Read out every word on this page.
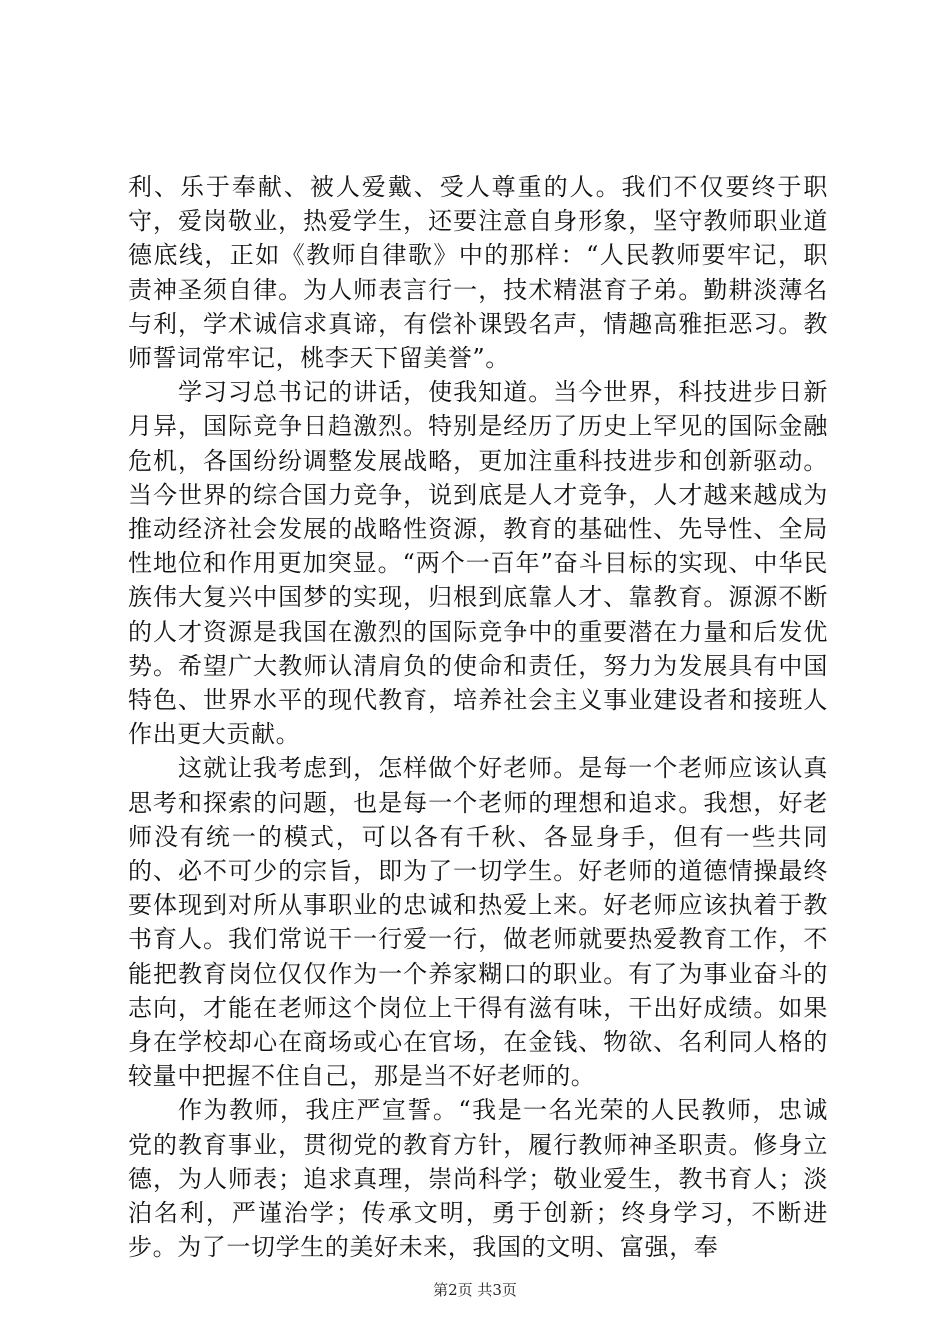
利、乐于奉献、被人爱戴、受人尊重的人。我们不仅要终于职守，爱岗敬业，热爱学生，还要注意自身形象，坚守教师职业道德底线，正如《教师自律歌》中的那样：“人民教师要牢记，职责神圣须自律。为人师表言行一，技术精湛育子弟。勤耕淡薄名与利，学术诚信求真谛，有偿补课毁名声，情趣高雅拒恶习。教师誓词常牢记，桃李天下留美誉”。

学习习总书记的讲话，使我知道。当今世界，科技进步日新月异，国际竞争日趋激烈。特别是经历了历史上罕见的国际金融危机，各国纷纷调整发展战略，更加注重科技进步和创新驱动。当今世界的综合国力竞争，说到底是人才竞争，人才越来越成为推动经济社会发展的战略性资源，教育的基础性、先导性、全局性地位和作用更加突显。“两个一百年”奋斗目标的实现、中华民族伟大复兴中国梦的实现，归根到底靠人才、靠教育。源源不断的人才资源是我国在激烈的国际竞争中的重要潜在力量和后发优势。希望广大教师认清肩负的使命和责任，努力为发展具有中国特色、世界水平的现代教育，培养社会主义事业建设者和接班人作出更大贡献。

这就让我考虑到，怎样做个好老师。是每一个老师应该认真思考和探索的问题，也是每一个老师的理想和追求。我想，好老师没有统一的模式，可以各有千秋、各显身手，但有一些共同的、必不可少的宗旨，即为了一切学生。好老师的道德情操最终要体现到对所从事职业的忠诚和热爱上来。好老师应该执着于教书育人。我们常说干一行爱一行，做老师就要热爱教育工作，不能把教育岗位仅仅作为一个养家糊口的职业。有了为事业奋斗的志向，才能在老师这个岗位上干得有滋有味，干出好成绩。如果身在学校却心在商场或心在官场，在金钱、物欲、名利同人格的较量中把握不住自己，那是当不好老师的。

作为教师，我庄严宣誓。“我是一名光荣的人民教师，忠诚党的教育事业，贯彻党的教育方针，履行教师神圣职责。修身立德，为人师表；追求真理，崇尚科学；敬业爱生，教书育人；淡泊名利，严谨治学；传承文明，勇于创新；终身学习，不断进步。为了一切学生的美好未来，我国的文明、富强，奉

第2页 共3页
